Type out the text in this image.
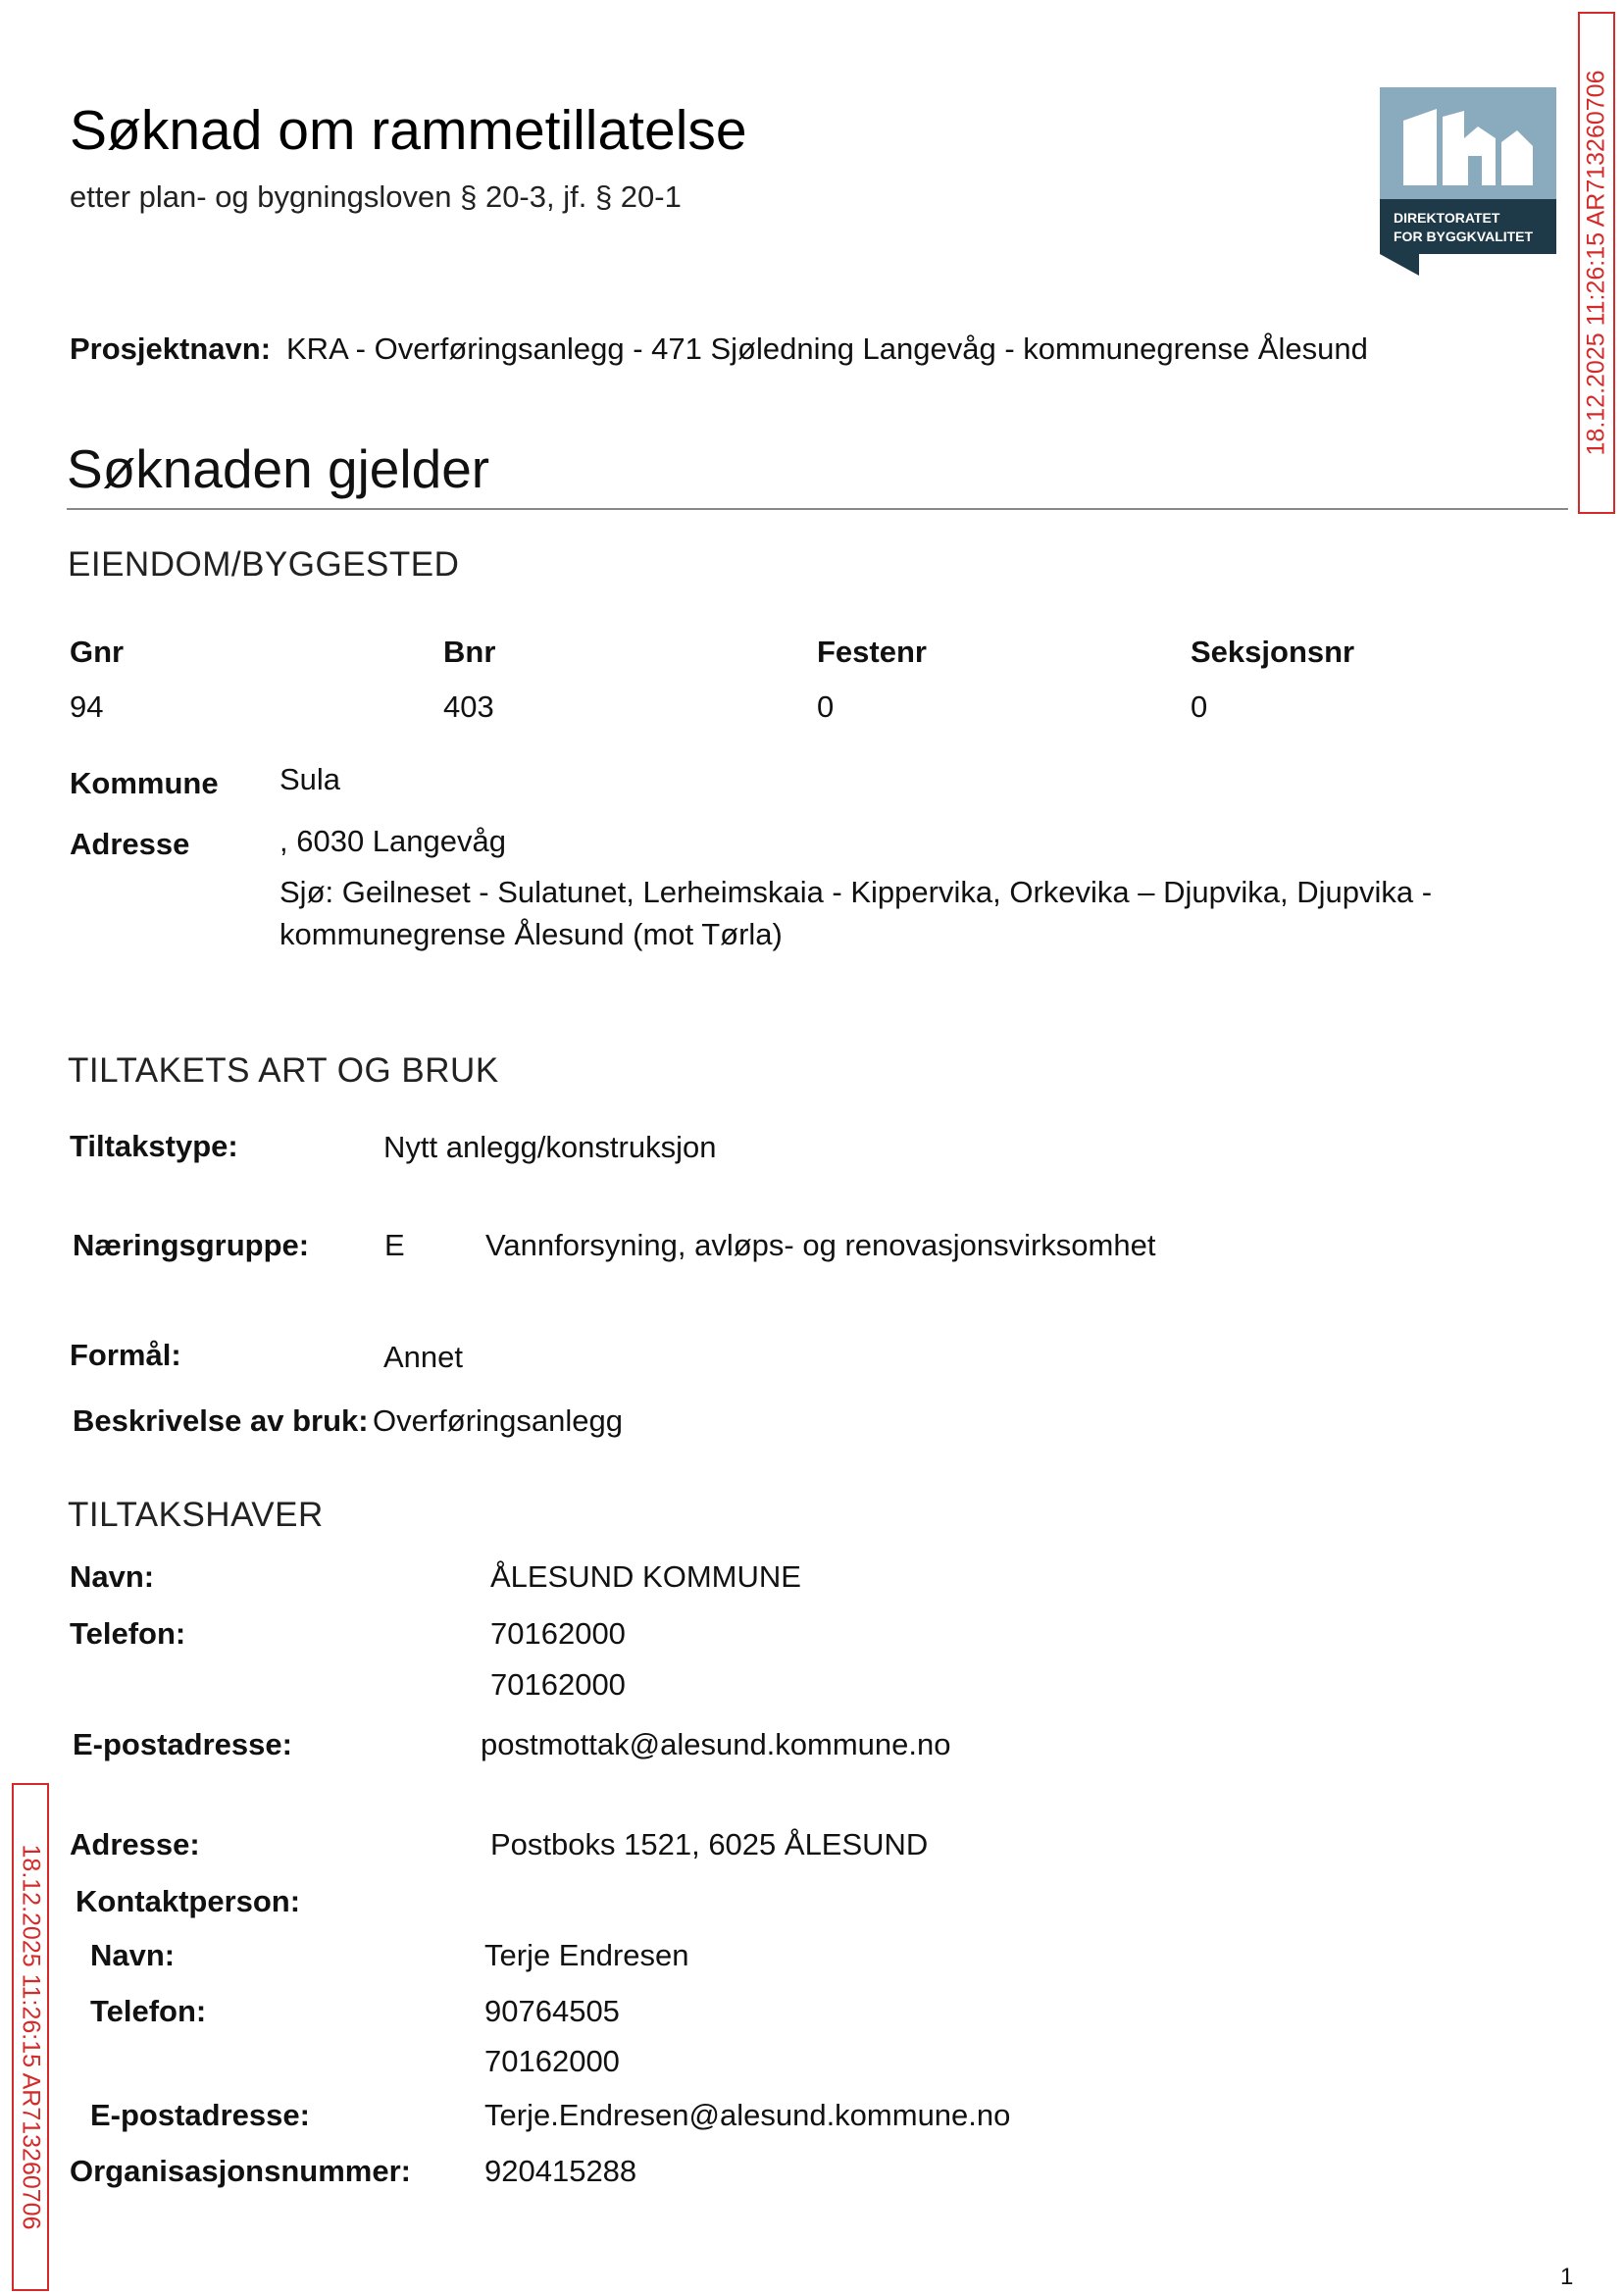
Søknad om rammetillatelse
etter plan- og bygningsloven § 20-3, jf. § 20-1
DIREKTORATET
FOR BYGGKVALITET 18.12.2025 11:26:15 AR713260706
18.12.2025 11:26:15 AR713260706
Prosjektnavn: KRA - Overføringsanlegg - 471 Sjøledning Langevåg - kommunegrense Ålesund
Søknaden gjelder
EIENDOM/BYGGESTED
Gnr	Bnr	Festenr	Seksjonsnr
94	403	0	0
Kommune Sula
Adresse	, 6030 Langevåg
Sjø: Geilneset - Sulatunet, Lerheimskaia - Kippervika, Orkevika – Djupvika, Djupvika -
kommunegrense Ålesund (mot Tørla)
TILTAKETS ART OG BRUK
Tiltakstype:	Nytt anlegg/konstruksjon
Næringsgruppe: E	Vannforsyning, avløps- og renovasjonsvirksomhet
Formål:	Annet
Beskrivelse av bruk: Overføringsanlegg
TILTAKSHAVER
Navn:	ÅLESUND KOMMUNE
Telefon:	70162000
70162000
E-postadresse:	postmottak@alesund.kommune.no
Adresse:	Postboks 1521, 6025 ÅLESUND
Kontaktperson:
Navn:	Terje Endresen
Telefon:	90764505
70162000
E-postadresse:	Terje.Endresen@alesund.kommune.no
Organisasjonsnummer: 920415288
1
